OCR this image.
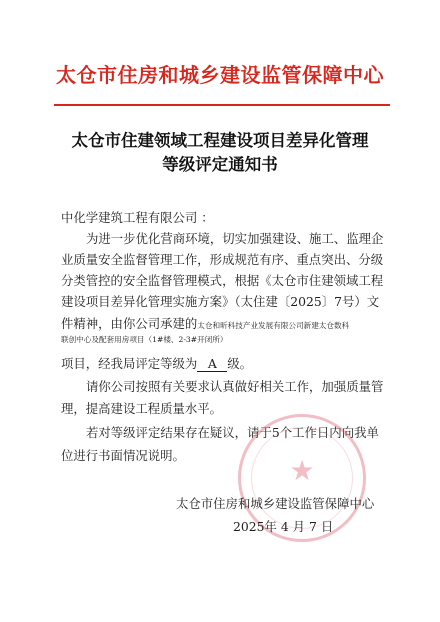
太仓市住房和城乡建设监管保障中心
太仓市住建领域工程建设项目差异化管理
等级评定通知书
中化学建筑工程有限公司 ：
为进一步优化营商环境，切实加强建设、施工、监理企
业质量安全监督管理工作，形成规范有序、重点突出、分级
分类管控的安全监督管理模式，根据《太仓市住建领域工程
建设项目差异化管理实施方案》（太住建〔2025〕7号）文
件精神，由你公司承建的太仓和昕科技产业发展有限公司新建太仓数科
联创中心及配套用房项目（1#楼、2-3#开闭所）
项目，经我局评定等级为 A 级。
请你公司按照有关要求认真做好相关工作，加强质量管
理，提高建设工程质量水平。
若对等级评定结果存在疑议，请于5个工作日内向我单
位进行书面情况说明。	★
太仓市住房和城乡建设监管保障中心
2025年 4 月 7 日
